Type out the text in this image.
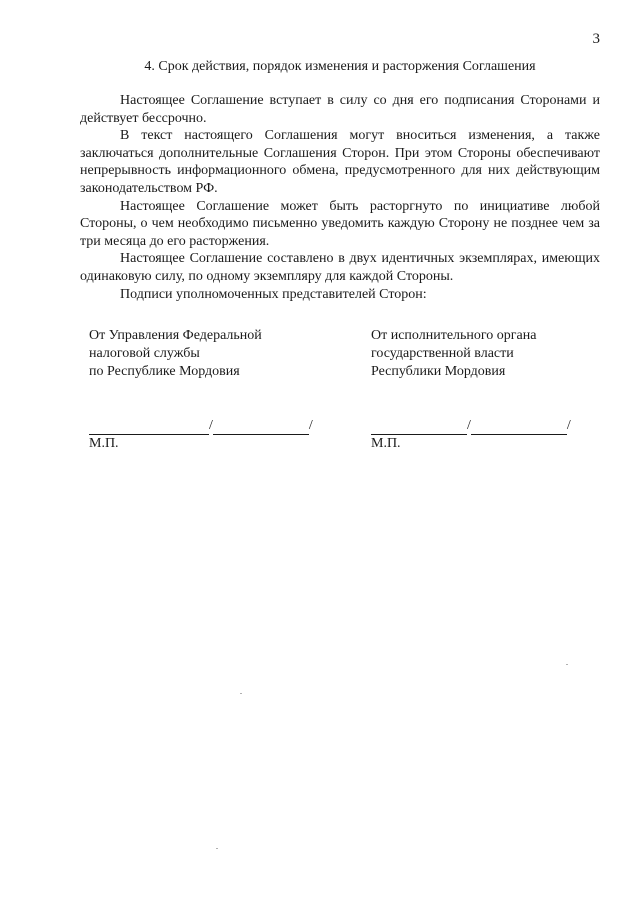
3
4. Срок действия, порядок изменения и расторжения Соглашения

Настоящее Соглашение вступает в силу со дня его подписания Сторонами и действует бессрочно.

В текст настоящего Соглашения могут вноситься изменения, а также заключаться дополнительные Соглашения Сторон. При этом Стороны обеспечивают непрерывность информационного обмена, предусмотренного для них действующим законодательством РФ.

Настоящее Соглашение может быть расторгнуто по инициативе любой Стороны, о чем необходимо письменно уведомить каждую Сторону не позднее чем за три месяца до его расторжения.

Настоящее Соглашение составлено в двух идентичных экземплярах, имеющих одинаковую силу, по одному экземпляру для каждой Стороны.

Подписи уполномоченных представителей Сторон:

От Управления Федеральной
налоговой службы
по Республике Мордовия
/	/
М.П.
От исполнительного органа
государственной власти
Республики Мордовия
/	/
М.П.
